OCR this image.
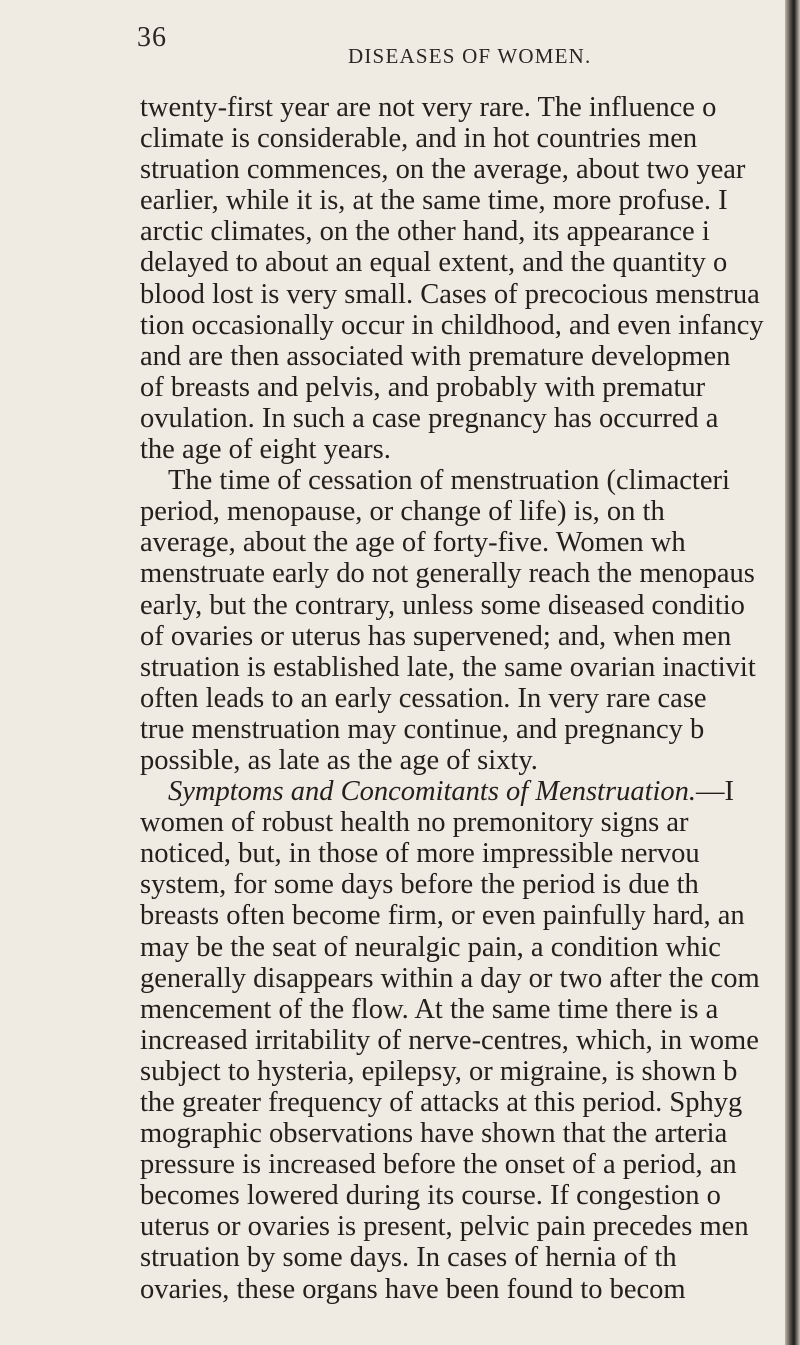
36
DISEASES OF WOMEN.
twenty-first year are not very rare. The influence o
climate is considerable, and in hot countries men
struation commences, on the average, about two year
earlier, while it is, at the same time, more profuse. I
arctic climates, on the other hand, its appearance i
delayed to about an equal extent, and the quantity o
blood lost is very small. Cases of precocious menstrua
tion occasionally occur in childhood, and even infancy
and are then associated with premature developmen
of breasts and pelvis, and probably with prematur
ovulation. In such a case pregnancy has occurred a
the age of eight years.
The time of cessation of menstruation (climacteri
period, menopause, or change of life) is, on th
average, about the age of forty-five. Women wh
menstruate early do not generally reach the menopaus
early, but the contrary, unless some diseased conditio
of ovaries or uterus has supervened; and, when men
struation is established late, the same ovarian inactivit
often leads to an early cessation. In very rare case
true menstruation may continue, and pregnancy b
possible, as late as the age of sixty.
Symptoms and Concomitants of Menstruation.—I
women of robust health no premonitory signs ar
noticed, but, in those of more impressible nervou
system, for some days before the period is due th
breasts often become firm, or even painfully hard, an
may be the seat of neuralgic pain, a condition whic
generally disappears within a day or two after the com
mencement of the flow. At the same time there is a
increased irritability of nerve-centres, which, in wome
subject to hysteria, epilepsy, or migraine, is shown b
the greater frequency of attacks at this period. Sphyg
mographic observations have shown that the arteria
pressure is increased before the onset of a period, an
becomes lowered during its course. If congestion o
uterus or ovaries is present, pelvic pain precedes men
struation by some days. In cases of hernia of th
ovaries, these organs have been found to becom
